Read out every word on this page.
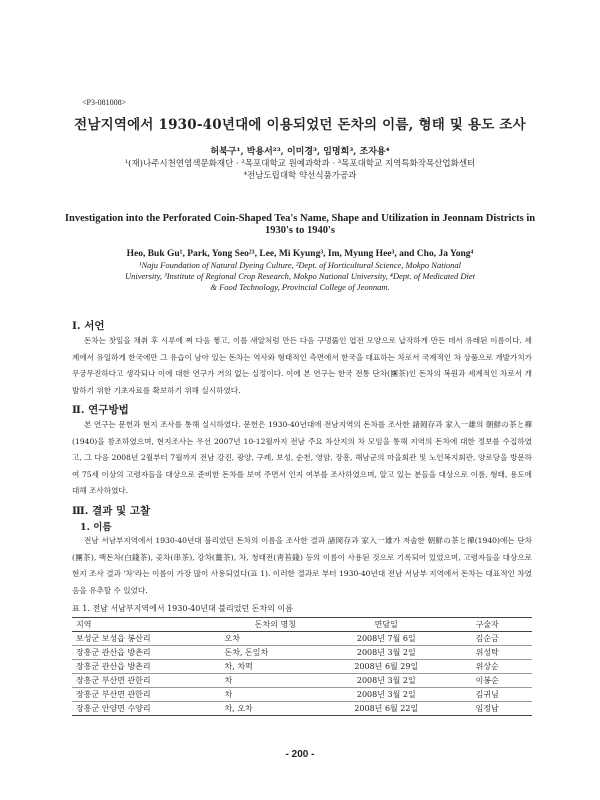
<P3-081008>
전남지역에서 1930-40년대에 이용되었던 돈차의 이름, 형태 및 용도 조사
허북구¹, 박용서²³, 이미경³, 임명희³, 조자용⁴
¹(재)나주시천연염색문화재단 · ²목포대학교 원예과학과 · ³목포대학교 지역특화작목산업화센터
⁴전남도립대학 약선식품가공과
Investigation into the Perforated Coin-Shaped Tea's Name, Shape and Utilization in Jeonnam Districts in 1930's to 1940's
Heo, Buk Gu¹, Park, Yong Seo²³, Lee, Mi Kyung³, Im, Myung Hee³, and Cho, Ja Yong⁴
¹Naju Foundation of Natural Dyeing Culture, ²Dept. of Horticultural Science, Mokpo National
University, ³Institute of Regional Crop Research, Mokpo National University, ⁴Dept. of Medicated Diet
& Food Technology, Provincial College of Jeonnam.
Ⅰ. 서언
돈차는 찻잎을 채취 후 시루에 쪄 다음 찧고, 이를 새알처럼 만든 다음 구멍뚫인 엽전 모양으로 납작하게 만든 데서 유래된 이름이다. 세계에서 유일하게 한국에만 그 유습이 남아 있는 돈차는 역사와 형태적인 측면에서 한국을 대표하는 차로서 국제적인 차 상품으로 개발가치가 무궁무진하다고 생각되나 이에 대한 연구가 거의 없는 실정이다. 이에 본 연구는 한국 전통 단차(團茶)인 돈차의 복원과 세계적인 차로서 개발하기 위한 기초자료를 확보하기 위해 실시하였다.
Ⅱ. 연구방법
본 연구는 문헌과 현지 조사를 통해 실시하였다. 문헌은 1930-40년대에 전남지역의 돈차를 조사한 諸岡存과 家入一雄의 朝鮮の茶と禪(1940)을 참조하였으며, 현지조사는 우선 2007년 10-12월까지 전남 주요 차산지의 차 모임을 통해 지역의 돈차에 대한 정보를 수집하였고, 그 다음 2008년 2월부터 7월까지 전남 강진, 광양, 구례, 보성, 순천, 영암, 장흥, 해남군의 마을회관 및 노인복지회관, 양로당을 방문하여 75세 이상의 고령자들을 대상으로 준비한 돈차를 보여 주면서 인지 여부를 조사하였으며, 알고 있는 분들을 대상으로 이름, 형태, 용도에 대해 조사하였다.
Ⅲ. 결과 및 고찰
1. 이름
전남 서남부지역에서 1930-40년대 불리었던 돈차의 이름을 조사한 결과 諸岡存과 家入一雄가 저술한 朝鮮の茶と禪(1940)에는 단차(團茶), 백돈차(白錢茶), 곶차(串茶), 강차(薑茶), 차, 청태전(靑苔錢) 등의 이름이 사용된 것으로 기록되어 있었으며, 고령자들을 대상으로 현지 조사 결과 '차'라는 이름이 가장 많이 사용되었다(표 1). 이러한 결과로 부터 1930-40년대 전남 서남부 지역에서 돈차는 대표적인 차였음을 유추할 수 있었다.
표 1. 전남 서남부지역에서 1930-40년대 불리었던 돈차의 이름
지역	돈차의 명칭	면담일	구술자
보성군 보성읍 봉산리	오차	2008년 7월 6일	김순금
장흥군 관산읍 방촌리	돈차, 돈잎차	2008년 3월 2일	위성탁
장흥군 관산읍 방촌리	차, 차떡	2008년 6월 29일	위상순
장흥군 부산면 관한리	차	2008년 3월 2일	이봉순
장흥군 부산면 관한리	차	2008년 3월 2일	김귀님
장흥군 안양면 수양리	차, 오차	2008년 6월 22일	임정남
- 200 -
